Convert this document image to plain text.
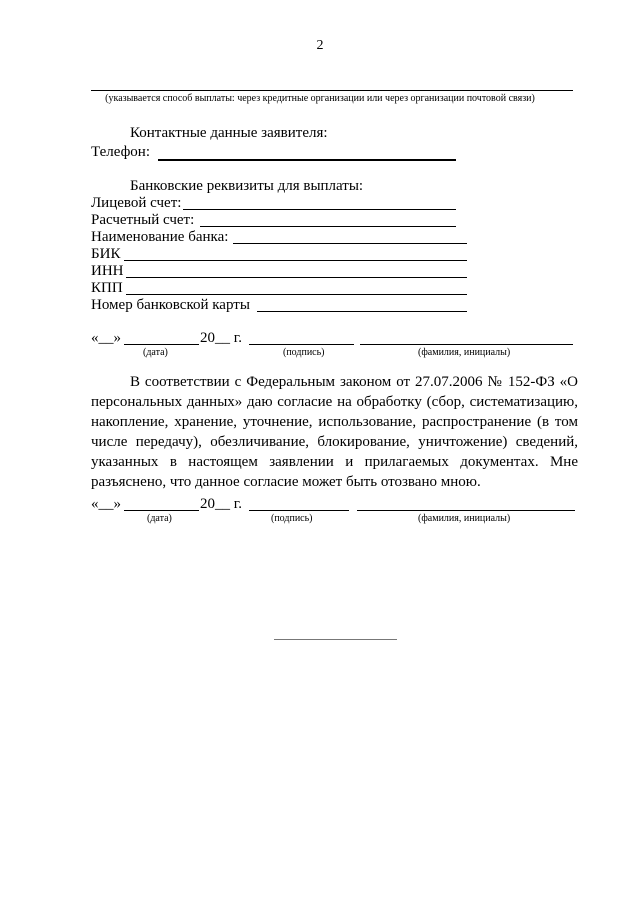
2
(указывается способ выплаты: через кредитные организации или через организации почтовой связи)
Контактные данные заявителя:
Телефон:
Банковские реквизиты для выплаты:
Лицевой счет:
Расчетный счет:
Наименование банка:
БИК
ИНН
КПП
Номер банковской карты
«__»	20__ г.
(дата)	(подпись)	(фамилия, инициалы)

В соответствии с Федеральным законом от 27.07.2006 № 152-ФЗ «О персональных данных» даю согласие на обработку (сбор, систематизацию, накопление, хранение, уточнение, использование, распространение (в том числе передачу), обезличивание, блокирование, уничтожение) сведений, указанных в настоящем заявлении и прилагаемых документах. Мне разъяснено, что данное согласие может быть отозвано мною.

«__»	20__ г.
(дата)	(подпись)	(фамилия, инициалы)
